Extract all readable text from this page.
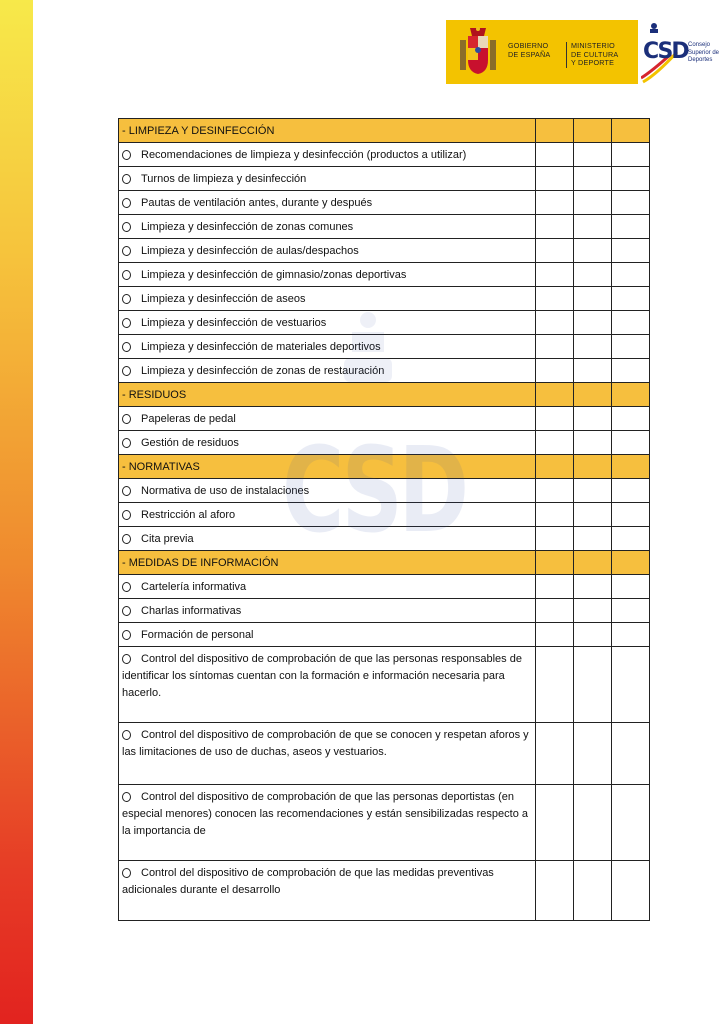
GOBIERNO
DE ESPAÑA
MINISTERIO
DE CULTURA
Y DEPORTE	CSD Consejo
Superior de
Deportes
CSD
- LIMPIEZA Y DESINFECCIÓN			
Recomendaciones de limpieza y desinfección (productos a utilizar)			
Turnos de limpieza y desinfección			
Pautas de ventilación antes, durante y después			
Limpieza y desinfección de zonas comunes			
Limpieza y desinfección de aulas/despachos			
Limpieza y desinfección de gimnasio/zonas deportivas			
Limpieza y desinfección de aseos			
Limpieza y desinfección de vestuarios			
Limpieza y desinfección de materiales deportivos			
Limpieza y desinfección de zonas de restauración			
- RESIDUOS			
Papeleras de pedal			
Gestión de residuos			
- NORMATIVAS			
Normativa de uso de instalaciones			
Restricción al aforo			
Cita previa			
- MEDIDAS DE INFORMACIÓN			
Cartelería informativa			
Charlas informativas			
Formación de personal			
Control del dispositivo de comprobación de que las personas responsables de identificar los síntomas cuentan con la formación e información necesaria para hacerlo.			
Control del dispositivo de comprobación de que se conocen y respetan aforos y las limitaciones de uso de duchas, aseos y vestuarios.			
Control del dispositivo de comprobación de que las personas deportistas (en especial menores) conocen las recomendaciones y están sensibilizadas respecto a la importancia de			
Control del dispositivo de comprobación de que las medidas preventivas adicionales durante el desarrollo			
